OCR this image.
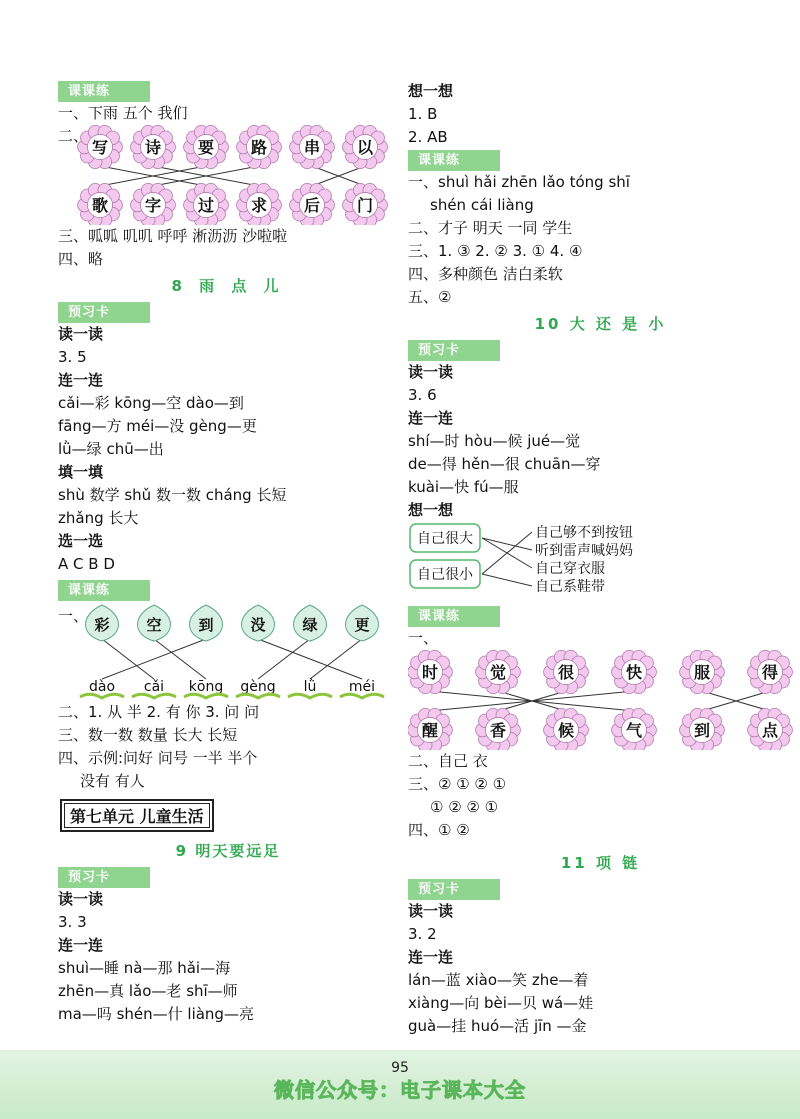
课课练
一、下雨 五个 我们
二、
写 诗 要 路 串 以
歌 字 过 求 后 门
三、呱呱 叽叽 呼呼 淅沥沥 沙啦啦
四、略
8 雨 点 儿
预习卡
读一读
3. 5
连一连
cǎi—彩 kōng—空 dào—到
fāng—方 méi—没 gèng—更
lǜ—绿 chū—出
填一填
shù 数学 shǔ 数一数 cháng 长短
zhǎng 长大
选一选
A C B D
课课练
一、 彩 空 到 没 绿 更
dào cǎi kōng gèng lǜ méi
二、1. 从 半 2. 有 你 3. 问 问
三、数一数 数量 长大 长短
四、示例:问好 问号 一半 半个
没有 有人
第七单元 儿童生活
9 明天要远足
预习卡
读一读
3. 3
连一连
shuì—睡 nà—那 hǎi—海
zhēn—真 lǎo—老 shī—师
ma—吗 shén—什 liàng—亮
想一想
1. B
2. AB
课课练
一、shuì hǎi zhēn lǎo tóng shī
shén cái liàng
二、才子 明天 一同 学生
三、1. ③ 2. ② 3. ① 4. ④
四、多种颜色 洁白柔软
五、②
10 大 还 是 小
预习卡
读一读
3. 6
连一连
shí—时 hòu—候 jué—觉
de—得 hěn—很 chuān—穿
kuài—快 fú—服
想一想
自己很大
自己很小
自己够不到按钮
听到雷声喊妈妈
自己穿衣服
自己系鞋带
课课练
一、
时	觉	很	快	服	得
醒	香	候	气	到	点
二、自己 衣
三、② ① ② ①
① ② ② ①
四、① ②
11 项 链
预习卡
读一读
3. 2
连一连
lán—蓝 xiào—笑 zhe—着
xiàng—向 bèi—贝 wá—娃
guà—挂 huó—活 jīn —金
95
微信公众号：电子课本大全
